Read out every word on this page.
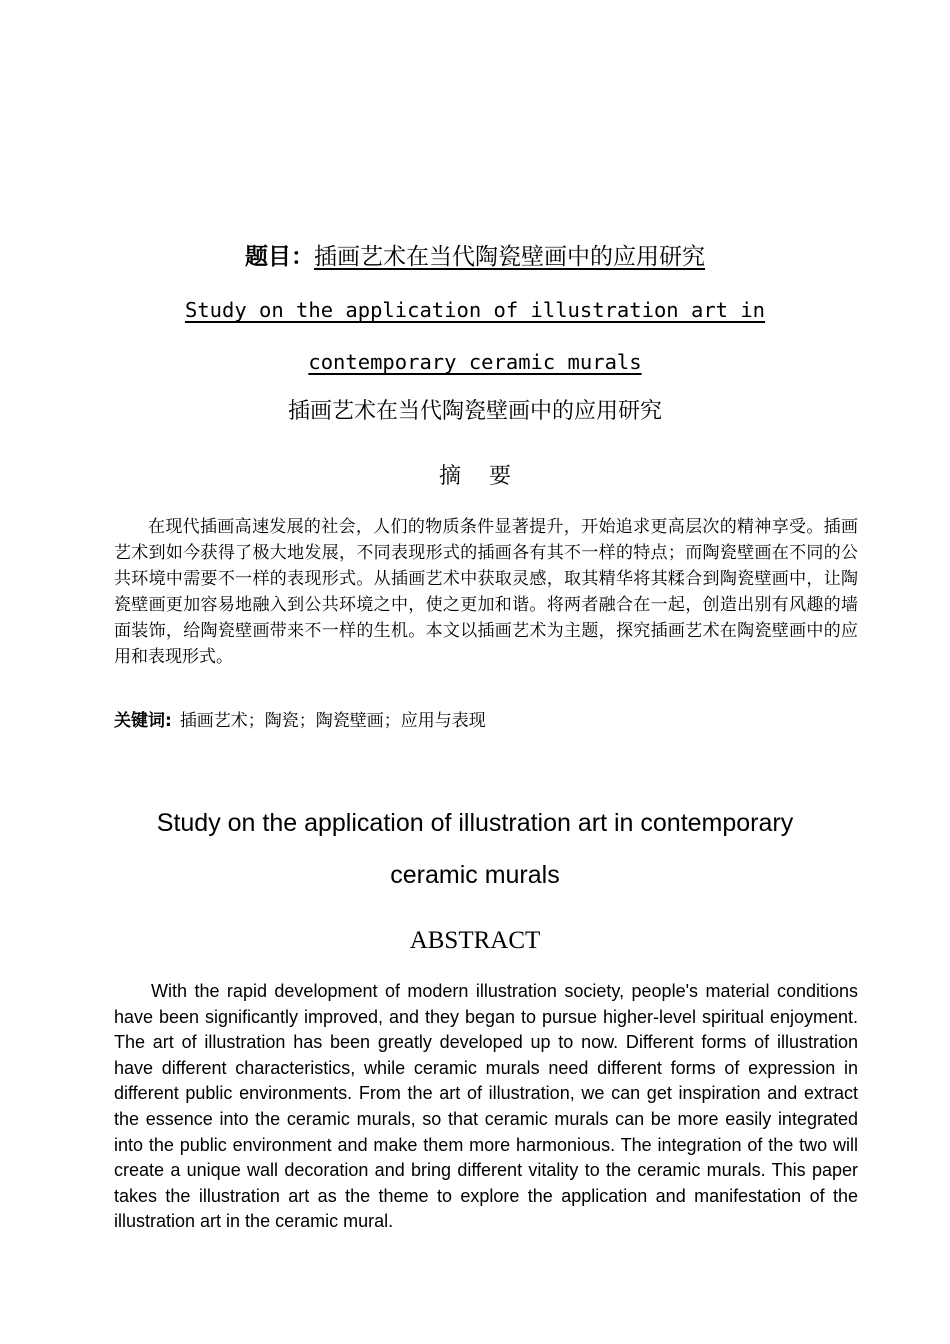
题目：插画艺术在当代陶瓷壁画中的应用研究
Study on the application of illustration art in
contemporary ceramic murals
插画艺术在当代陶瓷壁画中的应用研究
摘要
在现代插画高速发展的社会，人们的物质条件显著提升，开始追求更高层次的精神享受。插画艺术到如今获得了极大地发展，不同表现形式的插画各有其不一样的特点；而陶瓷壁画在不同的公共环境中需要不一样的表现形式。从插画艺术中获取灵感，取其精华将其糅合到陶瓷壁画中，让陶瓷壁画更加容易地融入到公共环境之中，使之更加和谐。将两者融合在一起，创造出别有风趣的墙面装饰，给陶瓷壁画带来不一样的生机。本文以插画艺术为主题，探究插画艺术在陶瓷壁画中的应用和表现形式。
关键词: 插画艺术；陶瓷；陶瓷壁画；应用与表现
Study on the application of illustration art in contemporary
ceramic murals
ABSTRACT
With the rapid development of modern illustration society, people's material conditions have been significantly improved, and they began to pursue higher-level spiritual enjoyment. The art of illustration has been greatly developed up to now. Different forms of illustration have different characteristics, while ceramic murals need different forms of expression in different public environments. From the art of illustration, we can get inspiration and extract the essence into the ceramic murals, so that ceramic murals can be more easily integrated into the public environment and make them more harmonious. The integration of the two will create a unique wall decoration and bring different vitality to the ceramic murals. This paper takes the illustration art as the theme to explore the application and manifestation of the illustration art in the ceramic mural.
